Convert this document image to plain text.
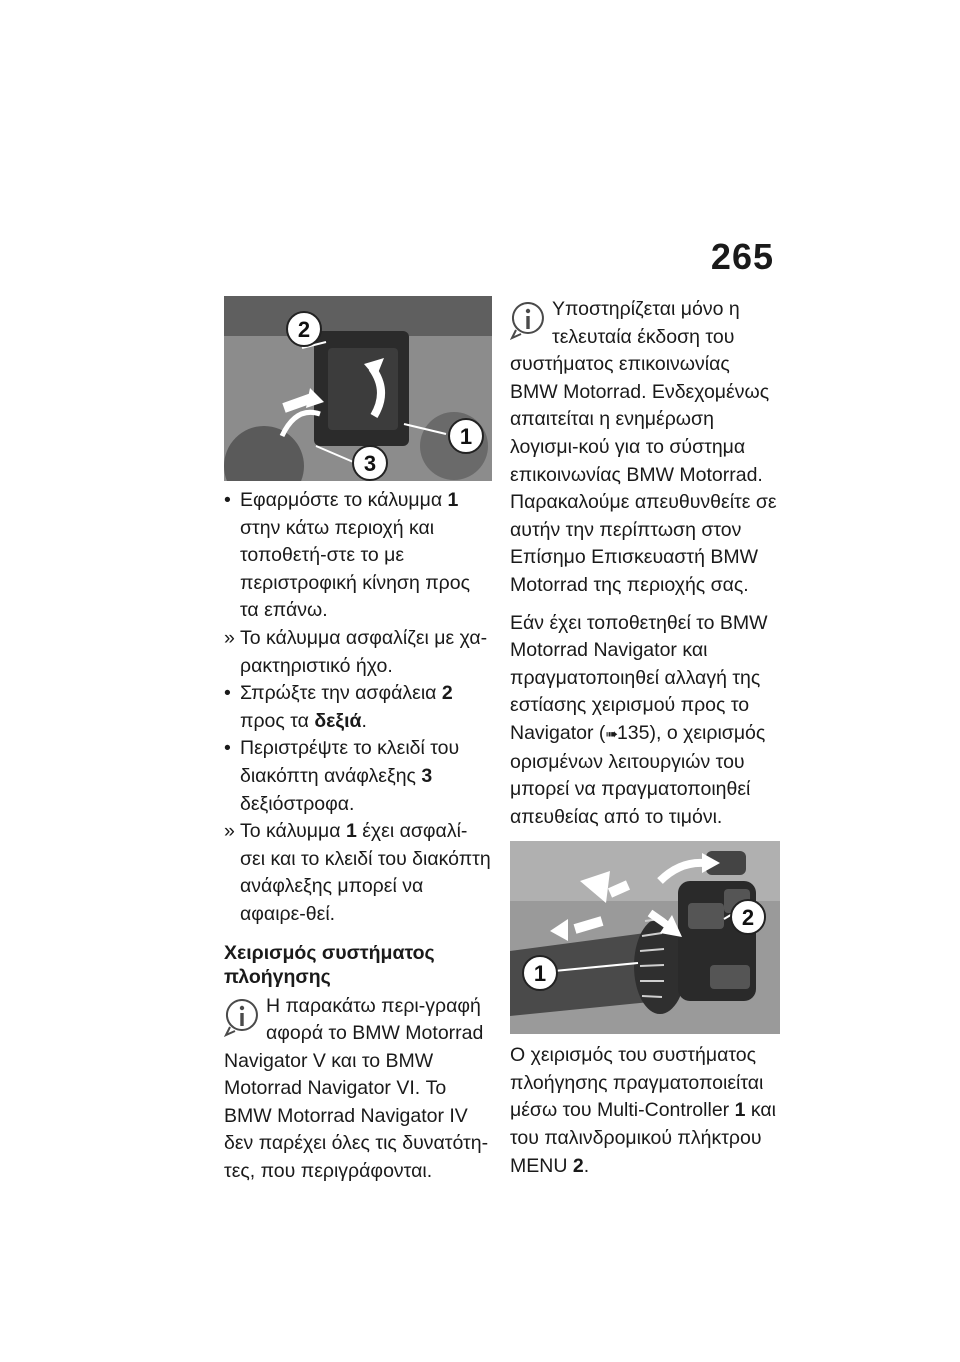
265
2
1
3
• Εφαρμόστε το κάλυμμα 1 στην κάτω περιοχή και τοποθετή-στε το με περιστροφική κίνηση προς τα επάνω.
» Το κάλυμμα ασφαλίζει με χα-ρακτηριστικό ήχο.
• Σπρώξτε την ασφάλεια 2 προς τα δεξιά.
• Περιστρέψτε το κλειδί του διακόπτη ανάφλεξης 3 δεξιόστροφα.
» Το κάλυμμα 1 έχει ασφαλί-σει και το κλειδί του διακόπτη ανάφλεξης μπορεί να αφαιρε-θεί.
Χειρισμός συστήματος πλοήγησης
Η παρακάτω περι-γραφή αφορά το BMW Motorrad Navigator V και το BMW Motorrad Navigator VI. Το BMW Motorrad Navigator IV δεν παρέχει όλες τις δυνατότη-τες, που περιγράφονται.
Υποστηρίζεται μόνο η τελευταία έκδοση του συστήματος επικοινωνίας BMW Motorrad. Ενδεχομένως απαιτείται η ενημέρωση λογισμι-κού για το σύστημα επικοινωνίας BMW Motorrad. Παρακαλούμε απευθυνθείτε σε αυτήν την περίπτωση στον Επίσημο Επισκευαστή BMW Motorrad της περιοχής σας.
Εάν έχει τοποθετηθεί το BMW Motorrad Navigator και πραγματοποιηθεί αλλαγή της εστίασης χειρισμού προς το Navigator (➠135), ο χειρισμός ορισμένων λειτουργιών του μπορεί να πραγματοποιηθεί απευθείας από το τιμόνι.
1
2
Ο χειρισμός του συστήματος πλοήγησης πραγματοποιείται μέσω του Multi-Controller 1 και του παλινδρομικού πλήκτρου MENU 2.
